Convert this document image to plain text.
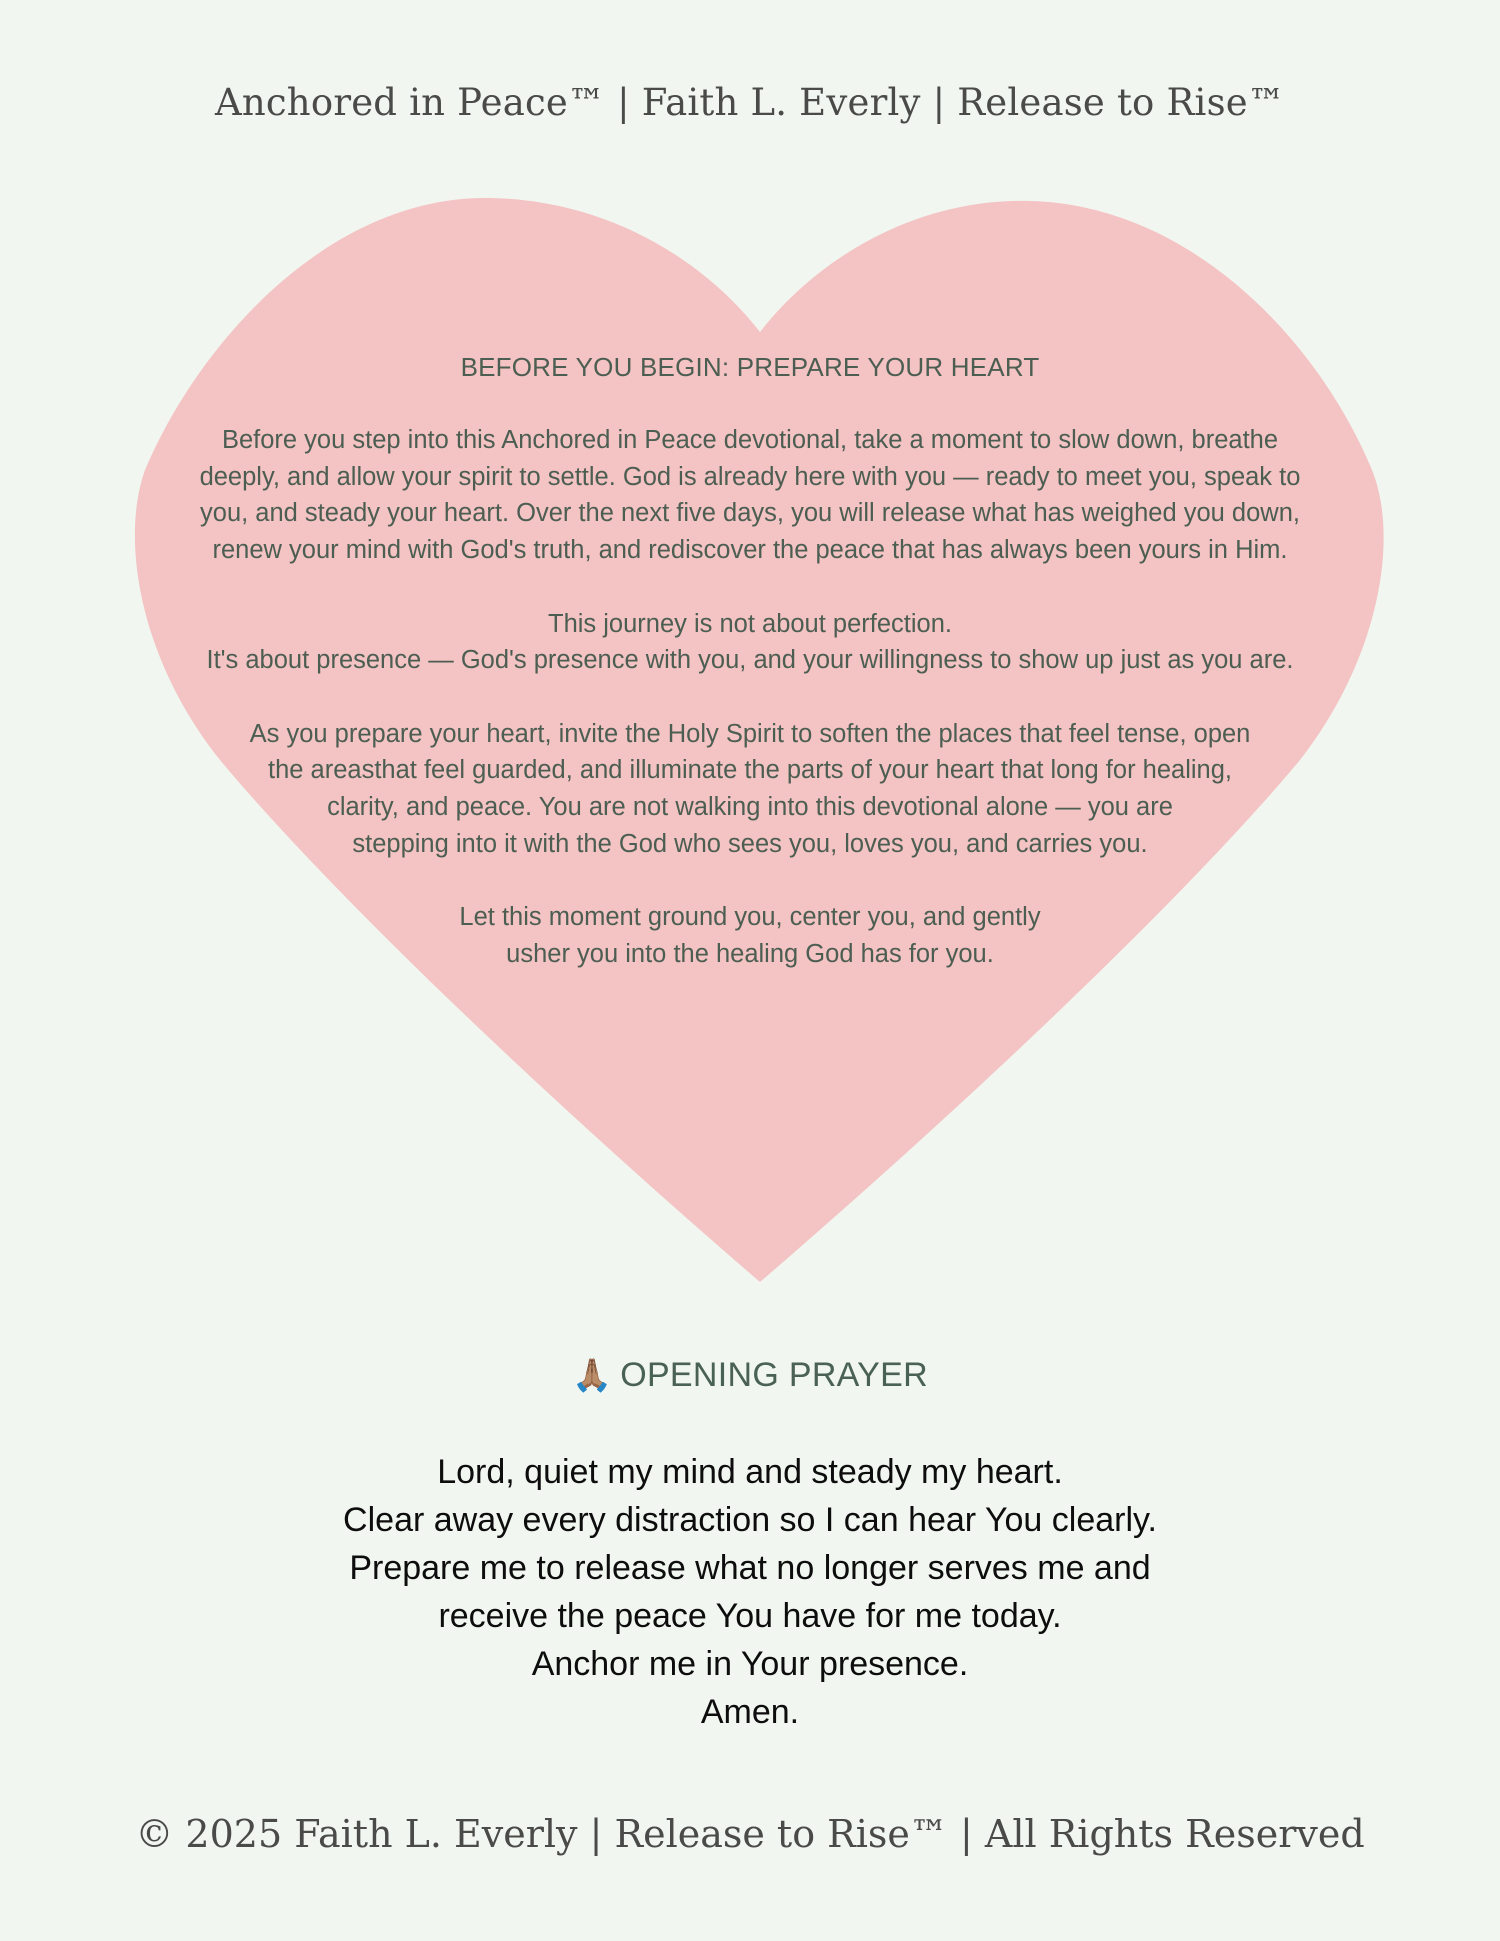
Anchored in Peace™ | Faith L. Everly | Release to Rise™
BEFORE YOU BEGIN: PREPARE YOUR HEART
Before you step into this Anchored in Peace devotional, take a moment to slow down, breathe
deeply, and allow your spirit to settle. God is already here with you — ready to meet you, speak to
you, and steady your heart. Over the next five days, you will release what has weighed you down,
renew your mind with God's truth, and rediscover the peace that has always been yours in Him.
This journey is not about perfection.
It's about presence — God's presence with you, and your willingness to show up just as you are.
As you prepare your heart, invite the Holy Spirit to soften the places that feel tense, open
the areasthat feel guarded, and illuminate the parts of your heart that long for healing,
clarity, and peace. You are not walking into this devotional alone — you are
stepping into it with the God who sees you, loves you, and carries you.
Let this moment ground you, center you, and gently
usher you into the healing God has for you.
🙏🏽 OPENING PRAYER
Lord, quiet my mind and steady my heart.
Clear away every distraction so I can hear You clearly.
Prepare me to release what no longer serves me and
receive the peace You have for me today.
Anchor me in Your presence.
Amen.
© 2025 Faith L. Everly | Release to Rise™ | All Rights Reserved
